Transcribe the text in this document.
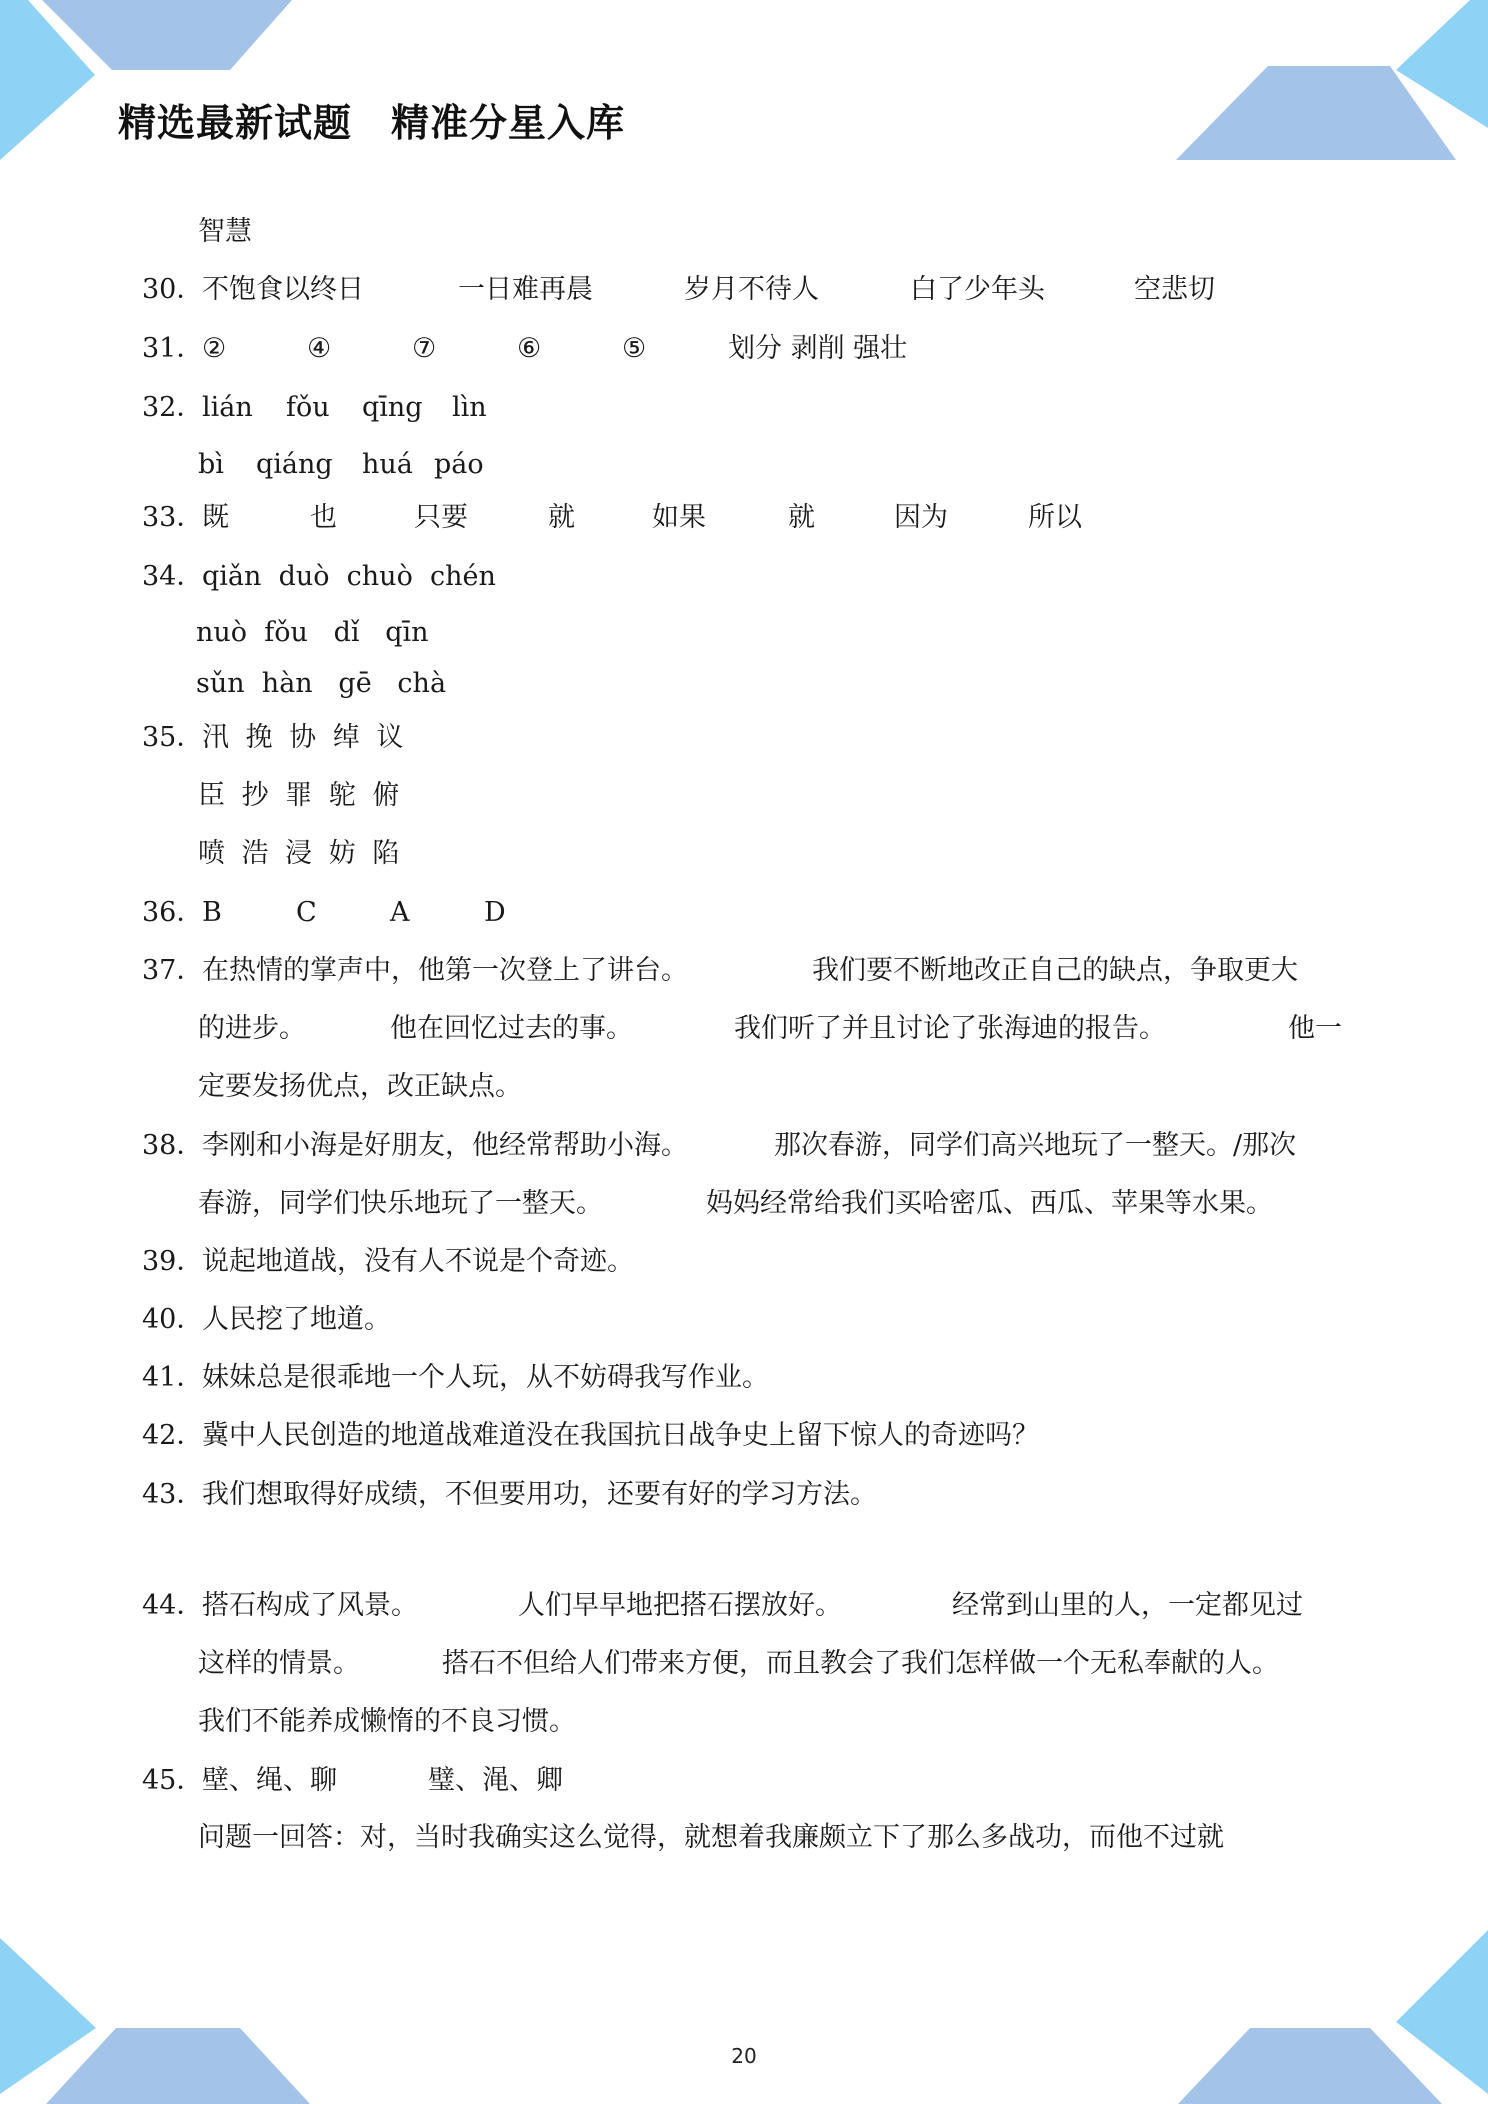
精选最新试题　精准分星入库
智慧
30．
不饱食以终日	一日难再晨	岁月不待人	白了少年头	空悲切
31．
②	④	⑦	⑥	⑤	划分 剥削 强壮
32．
lián fǒu qīng lìn
bì qiáng huá páo
33．
既	也	只要	就	如果	就	因为	所以
34．
qiǎn  duò  chuò  chén
nuò  fǒu   dǐ   qīn
sǔn  hàn   gē   chà
35．
汛 挽 协 绰 议
臣 抄 罪 鸵 俯
喷 浩 浸 妨 陷
36．
B	C	A	D
37．
在热情的掌声中，他第一次登上了讲台。	我们要不断地改正自己的缺点，争取更大
的进步。	他在回忆过去的事。	我们听了并且讨论了张海迪的报告。	他一
定要发扬优点，改正缺点。
38．
李刚和小海是好朋友，他经常帮助小海。	那次春游，同学们高兴地玩了一整天。/那次
春游，同学们快乐地玩了一整天。	妈妈经常给我们买哈密瓜、西瓜、苹果等水果。
39．
说起地道战，没有人不说是个奇迹。
40．
人民挖了地道。
41．
妹妹总是很乖地一个人玩，从不妨碍我写作业。
42．
冀中人民创造的地道战难道没在我国抗日战争史上留下惊人的奇迹吗？
43．
我们想取得好成绩，不但要用功，还要有好的学习方法。
44．
搭石构成了风景。	人们早早地把搭石摆放好。	经常到山里的人，一定都见过
这样的情景。	搭石不但给人们带来方便，而且教会了我们怎样做一个无私奉献的人。
我们不能养成懒惰的不良习惯。
45．
壁、绳、聊	璧、渑、卿
问题一回答：对，当时我确实这么觉得，就想着我廉颇立下了那么多战功，而他不过就
20
